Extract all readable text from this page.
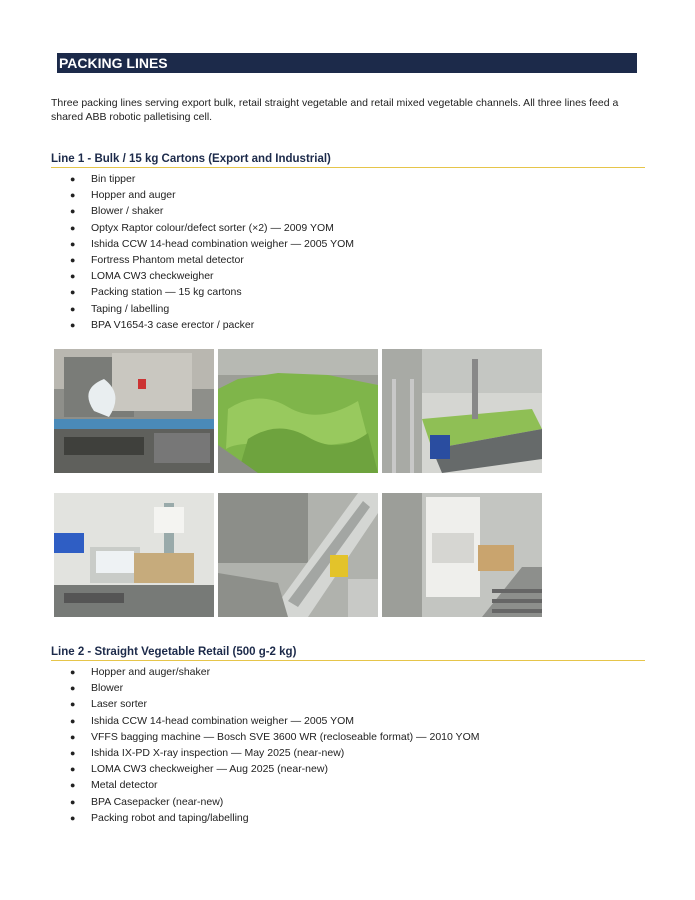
PACKING LINES
Three packing lines serving export bulk, retail straight vegetable and retail mixed vegetable channels. All three lines feed a shared ABB robotic palletising cell.
Line 1 - Bulk / 15 kg Cartons (Export and Industrial)
● Bin tipper
● Hopper and auger
● Blower / shaker
● Optyx Raptor colour/defect sorter (×2) — 2009 YOM
● Ishida CCW 14-head combination weigher — 2005 YOM
● Fortress Phantom metal detector
● LOMA CW3 checkweigher
● Packing station — 15 kg cartons
● Taping / labelling
● BPA V1654-3 case erector / packer
Line 2 - Straight Vegetable Retail (500 g-2 kg)
● Hopper and auger/shaker
● Blower
● Laser sorter
● Ishida CCW 14-head combination weigher — 2005 YOM
● VFFS bagging machine — Bosch SVE 3600 WR (recloseable format) — 2010 YOM
● Ishida IX-PD X-ray inspection — May 2025 (near-new)
● LOMA CW3 checkweigher — Aug 2025 (near-new)
● Metal detector
● BPA Casepacker (near-new)
● Packing robot and taping/labelling
